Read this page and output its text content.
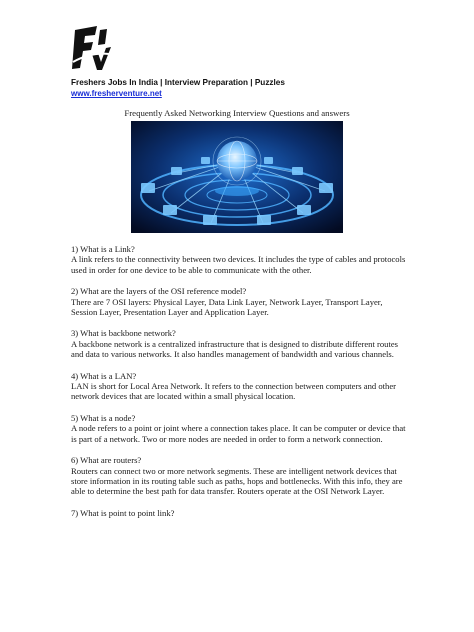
Freshers Jobs In India | Interview Preparation | Puzzles
www.fresherventure.net
Frequently Asked Networking Interview Questions and answers

1) What is a Link?

A link refers to the connectivity between two devices. It includes the type of cables and protocols used in order for one device to be able to communicate with the other.

2) What are the layers of the OSI reference model?

There are 7 OSI layers: Physical Layer, Data Link Layer, Network Layer, Transport Layer, Session Layer, Presentation Layer and Application Layer.

3) What is backbone network?

A backbone network is a centralized infrastructure that is designed to distribute different routes and data to various networks. It also handles management of bandwidth and various channels.

4) What is a LAN?

LAN is short for Local Area Network. It refers to the connection between computers and other network devices that are located within a small physical location.

5) What is a node?

A node refers to a point or joint where a connection takes place. It can be computer or device that is part of a network. Two or more nodes are needed in order to form a network connection.

6) What are routers?

Routers can connect two or more network segments. These are intelligent network devices that store information in its routing table such as paths, hops and bottlenecks. With this info, they are able to determine the best path for data transfer. Routers operate at the OSI Network Layer.

7) What is point to point link?
